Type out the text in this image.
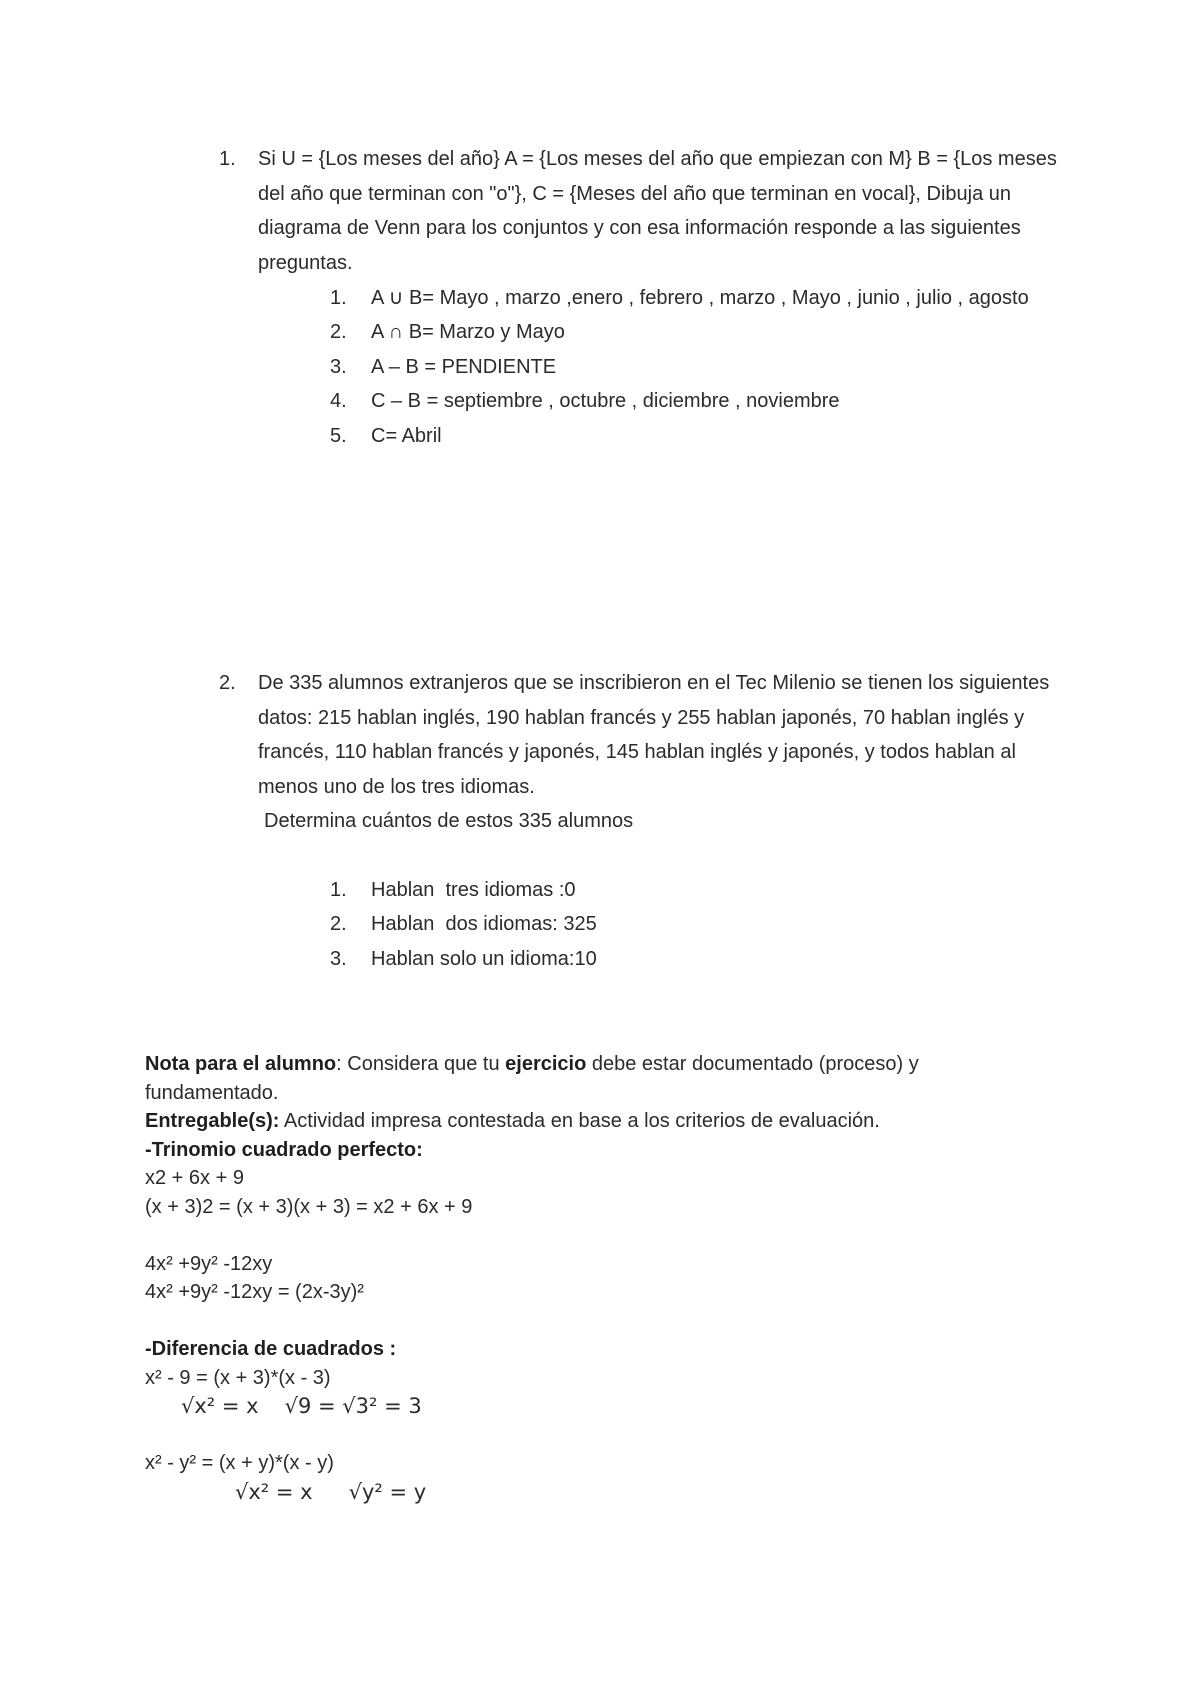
1.	Si U = {Los meses del año} A = {Los meses del año que empiezan con M} B = {Los meses del año que terminan con "o"}, C = {Meses del año que terminan en vocal}, Dibuja un diagrama de Venn para los conjuntos y con esa información responde a las siguientes preguntas.
1. A ∪ B= Mayo , marzo ,enero , febrero , marzo , Mayo , junio , julio , agosto
2. A ∩ B= Marzo y Mayo
3. A – B = PENDIENTE
4. C – B = septiembre , octubre , diciembre , noviembre
5. C= Abril
2.	De 335 alumnos extranjeros que se inscribieron en el Tec Milenio se tienen los siguientes datos: 215 hablan inglés, 190 hablan francés y 255 hablan japonés, 70 hablan inglés y francés, 110 hablan francés y japonés, 145 hablan inglés y japonés, y todos hablan al menos uno de los tres idiomas.
Determina cuántos de estos 335 alumnos
1. Hablan  tres idiomas :0
2. Hablan  dos idiomas: 325
3. Hablan solo un idioma:10
Nota para el alumno: Considera que tu ejercicio debe estar documentado (proceso) y fundamentado.
Entregable(s): Actividad impresa contestada en base a los criterios de evaluación.
-Trinomio cuadrado perfecto:
x2 + 6x + 9
(x + 3)2 = (x + 3)(x + 3) = x2 + 6x + 9
4x² +9y² -12xy
4x² +9y² -12xy = (2x-3y)²
-Diferencia de cuadrados :
x² - 9 = (x + 3)*(x - 3)
√x² = x √9 = √3² = 3
x² - y² = (x + y)*(x - y)
√x² = x √y² = y
